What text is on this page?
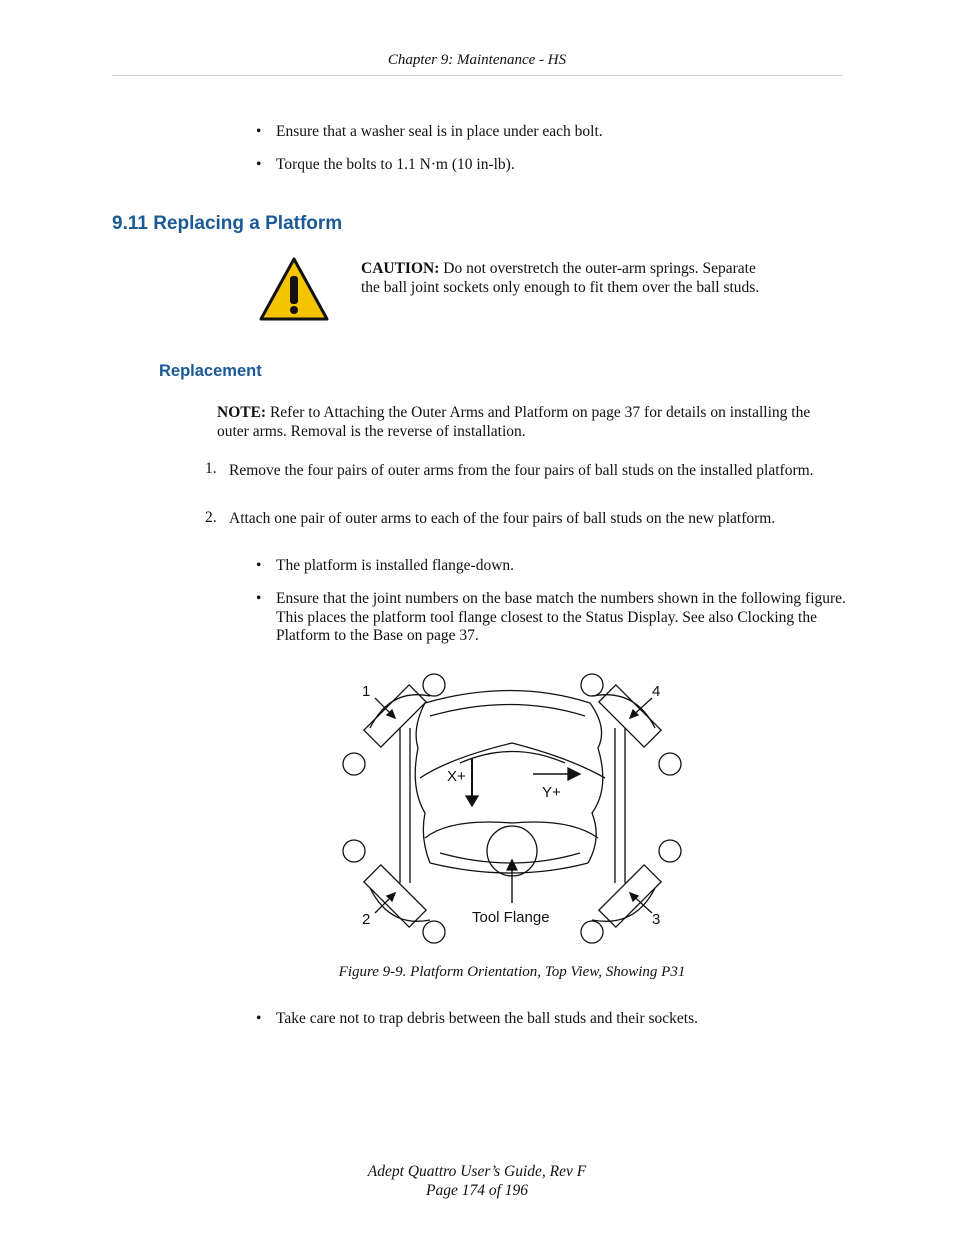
Chapter 9: Maintenance - HS
• Ensure that a washer seal is in place under each bolt.
• Torque the bolts to 1.1 N·m (10 in-lb).
9.11 Replacing a Platform
CAUTION: Do not overstretch the outer-arm springs. Separate the ball joint sockets only enough to fit them over the ball studs.
Replacement
NOTE: Refer to Attaching the Outer Arms and Platform on page 37 for details on installing the outer arms. Removal is the reverse of installation.
1. Remove the four pairs of outer arms from the four pairs of ball studs on the installed platform.
2. Attach one pair of outer arms to each of the four pairs of ball studs on the new platform.
• The platform is installed flange-down.
• Ensure that the joint numbers on the base match the numbers shown in the following figure. This places the platform tool flange closest to the Status Display. See also Clocking the Platform to the Base on page 37.
1	4
2	3
X+
Y+
Tool Flange
Figure 9-9. Platform Orientation, Top View, Showing P31
• Take care not to trap debris between the ball studs and their sockets.
Adept Quattro User’s Guide, Rev F
Page 174 of 196
